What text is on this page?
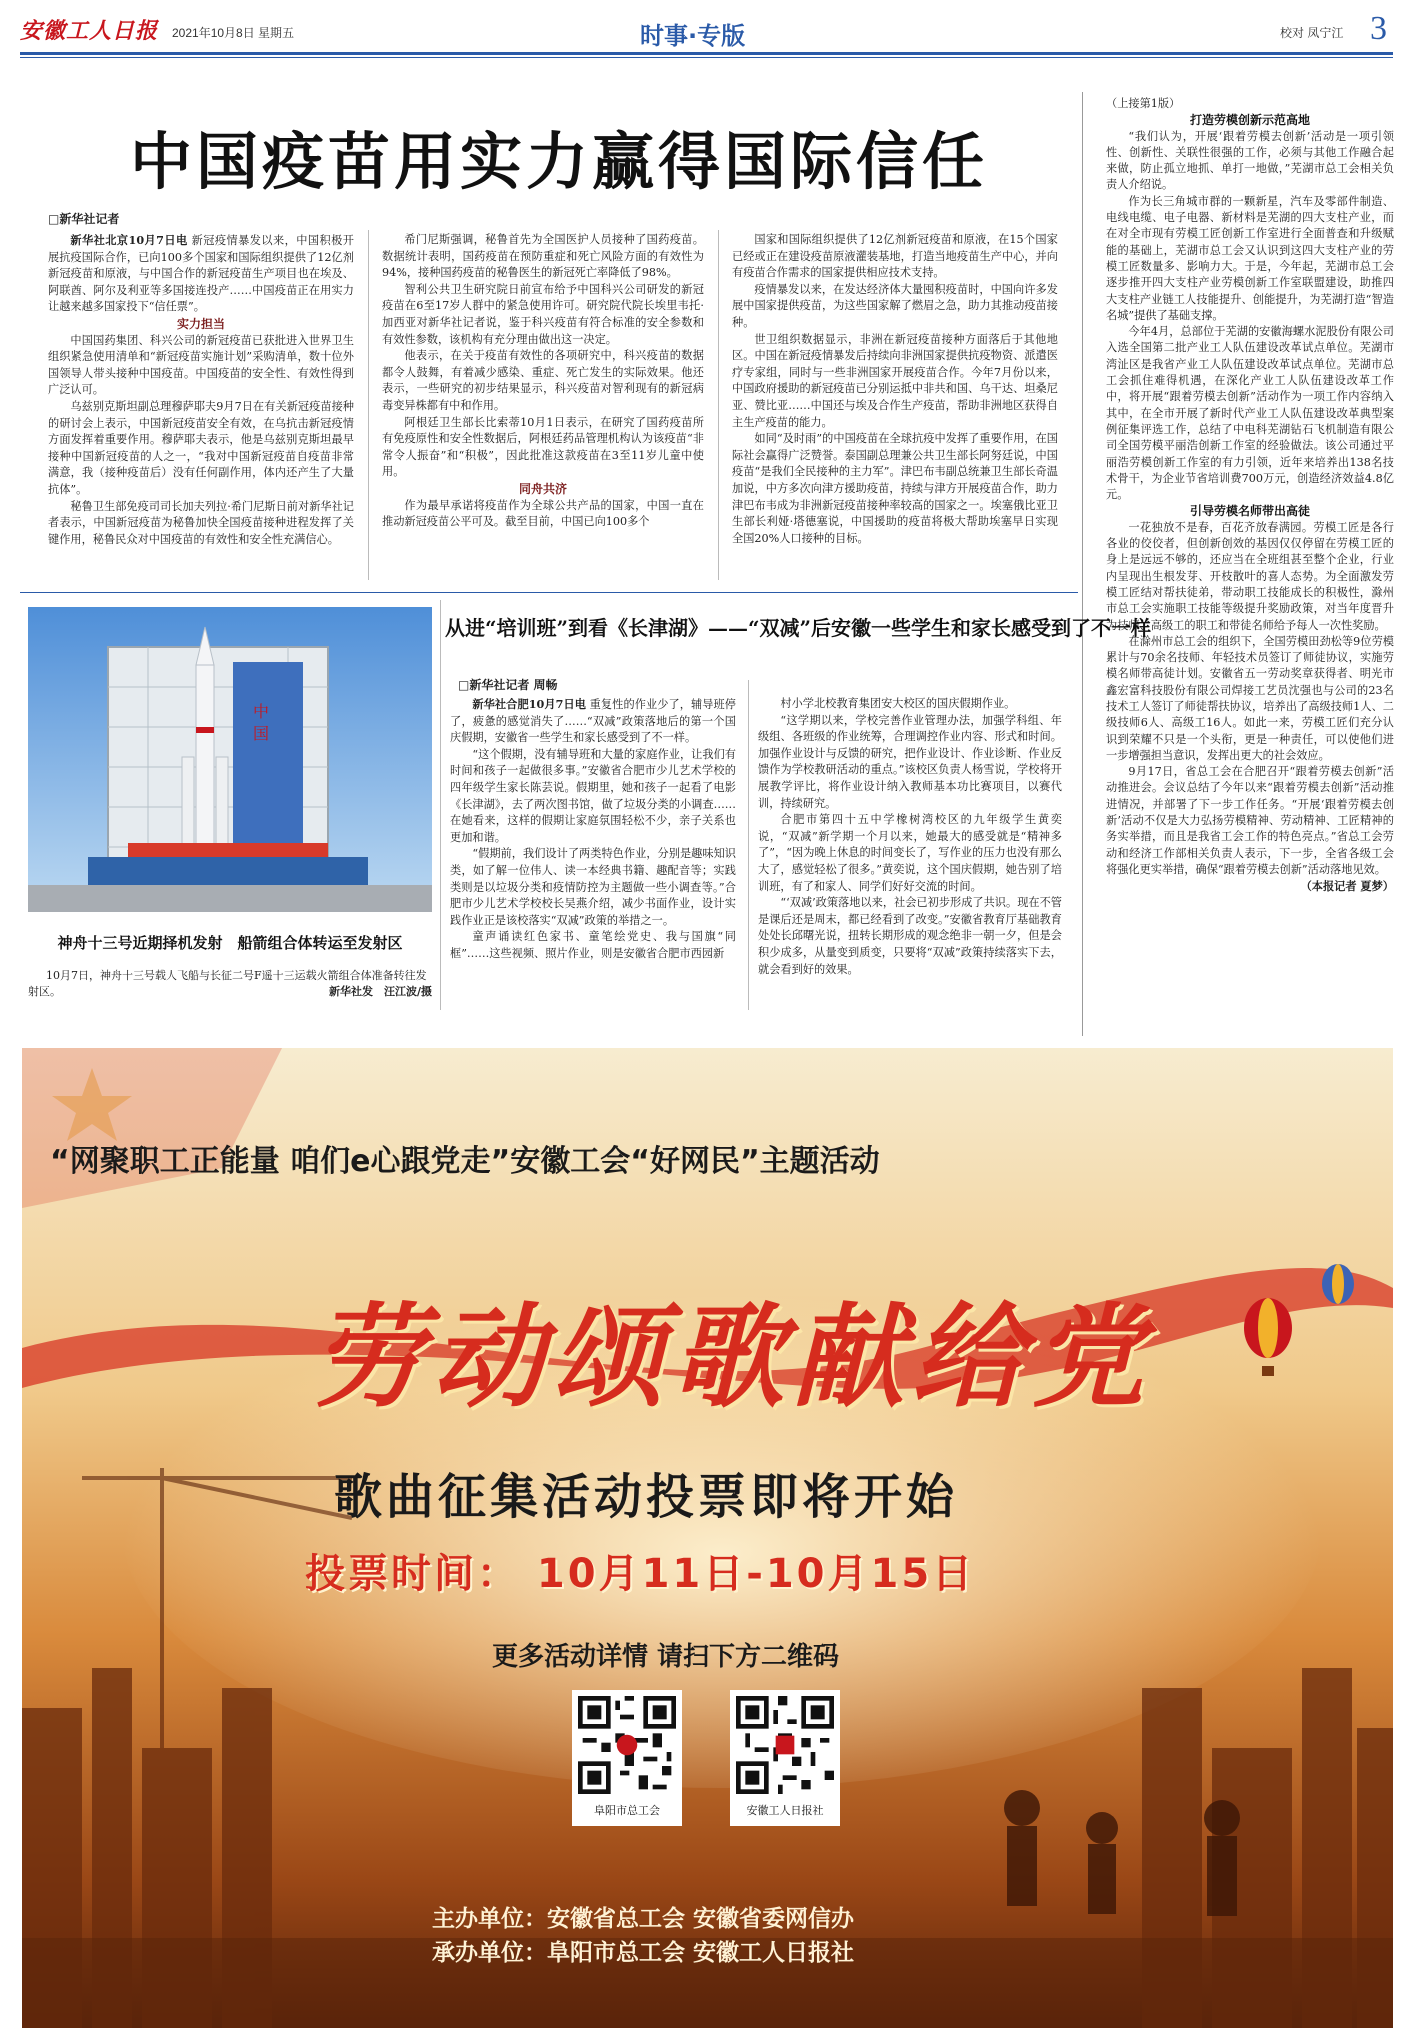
安徽工人日报	2021年10月8日 星期五	时事·专版	校对 凤宁江 3
中国疫苗用实力赢得国际信任
□新华社记者

新华社北京10月7日电 新冠疫情暴发以来，中国积极开展抗疫国际合作，已向100多个国家和国际组织提供了12亿剂新冠疫苗和原液，与中国合作的新冠疫苗生产项目也在埃及、阿联酋、阿尔及利亚等多国接连投产……中国疫苗正在用实力让越来越多国家投下“信任票”。

实力担当

中国国药集团、科兴公司的新冠疫苗已获批进入世界卫生组织紧急使用清单和“新冠疫苗实施计划”采购清单，数十位外国领导人带头接种中国疫苗。中国疫苗的安全性、有效性得到广泛认可。

乌兹别克斯坦副总理穆萨耶夫9月7日在有关新冠疫苗接种的研讨会上表示，中国新冠疫苗安全有效，在乌抗击新冠疫情方面发挥着重要作用。穆萨耶夫表示，他是乌兹别克斯坦最早接种中国新冠疫苗的人之一，“我对中国新冠疫苗自疫苗非常满意，我（接种疫苗后）没有任何副作用，体内还产生了大量抗体”。

秘鲁卫生部免疫司司长加夫列拉·希门尼斯日前对新华社记者表示，中国新冠疫苗为秘鲁加快全国疫苗接种进程发挥了关键作用，秘鲁民众对中国疫苗的有效性和安全性充满信心。

希门尼斯强调，秘鲁首先为全国医护人员接种了国药疫苗。数据统计表明，国药疫苗在预防重症和死亡风险方面的有效性为94%，接种国药疫苗的秘鲁医生的新冠死亡率降低了98%。

智利公共卫生研究院日前宣布给予中国科兴公司研发的新冠疫苗在6至17岁人群中的紧急使用许可。研究院代院长埃里韦托·加西亚对新华社记者说，鉴于科兴疫苗有符合标准的安全参数和有效性参数，该机构有充分理由做出这一决定。

他表示，在关于疫苗有效性的各项研究中，科兴疫苗的数据都令人鼓舞，有着减少感染、重症、死亡发生的实际效果。他还表示，一些研究的初步结果显示，科兴疫苗对智利现有的新冠病毒变异株都有中和作用。

阿根廷卫生部长比索蒂10月1日表示，在研究了国药疫苗所有免疫原性和安全性数据后，阿根廷药品管理机构认为该疫苗“非常令人振奋”和“积极”，因此批准这款疫苗在3至11岁儿童中使用。

同舟共济

作为最早承诺将疫苗作为全球公共产品的国家，中国一直在推动新冠疫苗公平可及。截至目前，中国已向100多个

国家和国际组织提供了12亿剂新冠疫苗和原液，在15个国家已经或正在建设疫苗原液灌装基地，打造当地疫苗生产中心，并向有疫苗合作需求的国家提供相应技术支持。

疫情暴发以来，在发达经济体大量囤积疫苗时，中国向许多发展中国家提供疫苗，为这些国家解了燃眉之急，助力其推动疫苗接种。

世卫组织数据显示，非洲在新冠疫苗接种方面落后于其他地区。中国在新冠疫情暴发后持续向非洲国家提供抗疫物资、派遣医疗专家组，同时与一些非洲国家开展疫苗合作。今年7月份以来，中国政府援助的新冠疫苗已分别运抵中非共和国、乌干达、坦桑尼亚、赞比亚……中国还与埃及合作生产疫苗，帮助非洲地区获得自主生产疫苗的能力。

如同“及时雨”的中国疫苗在全球抗疫中发挥了重要作用，在国际社会赢得广泛赞誉。泰国副总理兼公共卫生部长阿努廷说，中国疫苗“是我们全民接种的主力军”。津巴布韦副总统兼卫生部长奇温加说，中方多次向津方援助疫苗，持续与津方开展疫苗合作，助力津巴布韦成为非洲新冠疫苗接种率较高的国家之一。埃塞俄比亚卫生部长利娅·塔德塞说，中国援助的疫苗将极大帮助埃塞早日实现全国20%人口接种的目标。

（上接第1版）

打造劳模创新示范高地

“我们认为，开展‘跟着劳模去创新’活动是一项引领性、创新性、关联性很强的工作，必须与其他工作融合起来做，防止孤立地抓、单打一地做，”芜湖市总工会相关负责人介绍说。

作为长三角城市群的一颗新星，汽车及零部件制造、电线电缆、电子电器、新材料是芜湖的四大支柱产业，而在对全市现有劳模工匠创新工作室进行全面普查和升级赋能的基础上，芜湖市总工会又认识到这四大支柱产业的劳模工匠数量多、影响力大。于是，今年起，芜湖市总工会逐步推开四大支柱产业劳模创新工作室联盟建设，助推四大支柱产业链工人技能提升、创能提升，为芜湖打造“智造名城”提供了基础支撑。

今年4月，总部位于芜湖的安徽海螺水泥股份有限公司入选全国第二批产业工人队伍建设改革试点单位。芜湖市湾沚区是我省产业工人队伍建设改革试点单位。芜湖市总工会抓住难得机遇，在深化产业工人队伍建设改革工作中，将开展“跟着劳模去创新”活动作为一项工作内容纳入其中，在全市开展了新时代产业工人队伍建设改革典型案例征集评选工作，总结了中电科芜湖钻石飞机制造有限公司全国劳模平丽浩创新工作室的经验做法。该公司通过平丽浩劳模创新工作室的有力引领，近年来培养出138名技术骨干，为企业节省培训费700万元，创造经济效益4.8亿元。

引导劳模名师带出高徒

一花独放不是春，百花齐放春满园。劳模工匠是各行各业的佼佼者，但创新创效的基因仅仅停留在劳模工匠的身上是远远不够的，还应当在全班组甚至整个企业，行业内呈现出生根发芽、开枝散叶的喜人态势。为全面激发劳模工匠结对帮扶徒弟，带动职工技能成长的积极性，滁州市总工会实施职工技能等级提升奖励政策，对当年度晋升为技师、高级工的职工和带徒名师给予每人一次性奖励。

在滁州市总工会的组织下，全国劳模田劲松等9位劳模累计与70余名技师、年轻技术员签订了师徒协议，实施劳模名师带高徒计划。安徽省五一劳动奖章获得者、明光市鑫宏富科技股份有限公司焊接工艺员沈强也与公司的23名技术工人签订了师徒帮扶协议，培养出了高级技师1人、二级技师6人、高级工16人。如此一来，劳模工匠们充分认识到荣耀不只是一个头衔，更是一种责任，可以使他们进一步增强担当意识，发挥出更大的社会效应。

9月17日，省总工会在合肥召开“跟着劳模去创新”活动推进会。会议总结了今年以来“跟着劳模去创新”活动推进情况，并部署了下一步工作任务。“开展‘跟着劳模去创新’活动不仅是大力弘扬劳模精神、劳动精神、工匠精神的务实举措，而且是我省工会工作的特色亮点。”省总工会劳动和经济工作部相关负责人表示，下一步，全省各级工会将强化更实举措，确保“跟着劳模去创新”活动落地见效。

（本报记者 夏梦）

中
国
神舟十三号近期择机发射　船箭组合体转运至发射区
10月7日，神舟十三号载人飞船与长征二号F遥十三运载火箭组合体准备转往发射区。	新华社发　汪江波/摄
从进“培训班”到看《长津湖》——“双减”后安徽一些学生和家长感受到了不一样
□新华社记者 周畅

新华社合肥10月7日电 重复性的作业少了，辅导班停了，疲惫的感觉消失了……“双减”政策落地后的第一个国庆假期，安徽省一些学生和家长感受到了不一样。

“这个假期，没有辅导班和大量的家庭作业，让我们有时间和孩子一起做很多事。”安徽省合肥市少儿艺术学校的四年级学生家长陈芸说。假期里，她和孩子一起看了电影《长津湖》，去了两次图书馆，做了垃圾分类的小调查……在她看来，这样的假期让家庭氛围轻松不少，亲子关系也更加和谐。

“假期前，我们设计了两类特色作业，分别是趣味知识类，如了解一位伟人、读一本经典书籍、趣配音等；实践类则是以垃圾分类和疫情防控为主题做一些小调查等。”合肥市少儿艺术学校校长吴燕介绍，减少书面作业，设计实践作业正是该校落实“双减”政策的举措之一。

童声诵读红色家书、童笔绘党史、我与国旗“同框”……这些视频、照片作业，则是安徽省合肥市西园新

村小学北校教育集团安大校区的国庆假期作业。

“这学期以来，学校完善作业管理办法，加强学科组、年级组、各班级的作业统筹，合理调控作业内容、形式和时间。加强作业设计与反馈的研究，把作业设计、作业诊断、作业反馈作为学校教研活动的重点。”该校区负责人杨雪说，学校将开展教学评比，将作业设计纳入教师基本功比赛项目，以赛代训，持续研究。

合肥市第四十五中学橡树湾校区的九年级学生黄奕说，“双减”新学期一个月以来，她最大的感受就是“精神多了”，“因为晚上休息的时间变长了，写作业的压力也没有那么大了，感觉轻松了很多。”黄奕说，这个国庆假期，她告别了培训班，有了和家人、同学们好好交流的时间。

“‘双减’政策落地以来，社会已初步形成了共识。现在不管是课后还是周末，都已经看到了改变。”安徽省教育厅基础教育处处长邱曙光说，扭转长期形成的观念绝非一朝一夕，但是会积少成多，从量变到质变，只要将“双减”政策持续落实下去，就会看到好的效果。

“网聚职工正能量 咱们e心跟党走”安徽工会“好网民”主题活动
劳动颂歌献给党
歌曲征集活动投票即将开始
投票时间： 10月11日-10月15日
更多活动详情 请扫下方二维码
阜阳市总工会	安徽工人日报社
主办单位：安徽省总工会 安徽省委网信办
承办单位：阜阳市总工会 安徽工人日报社
